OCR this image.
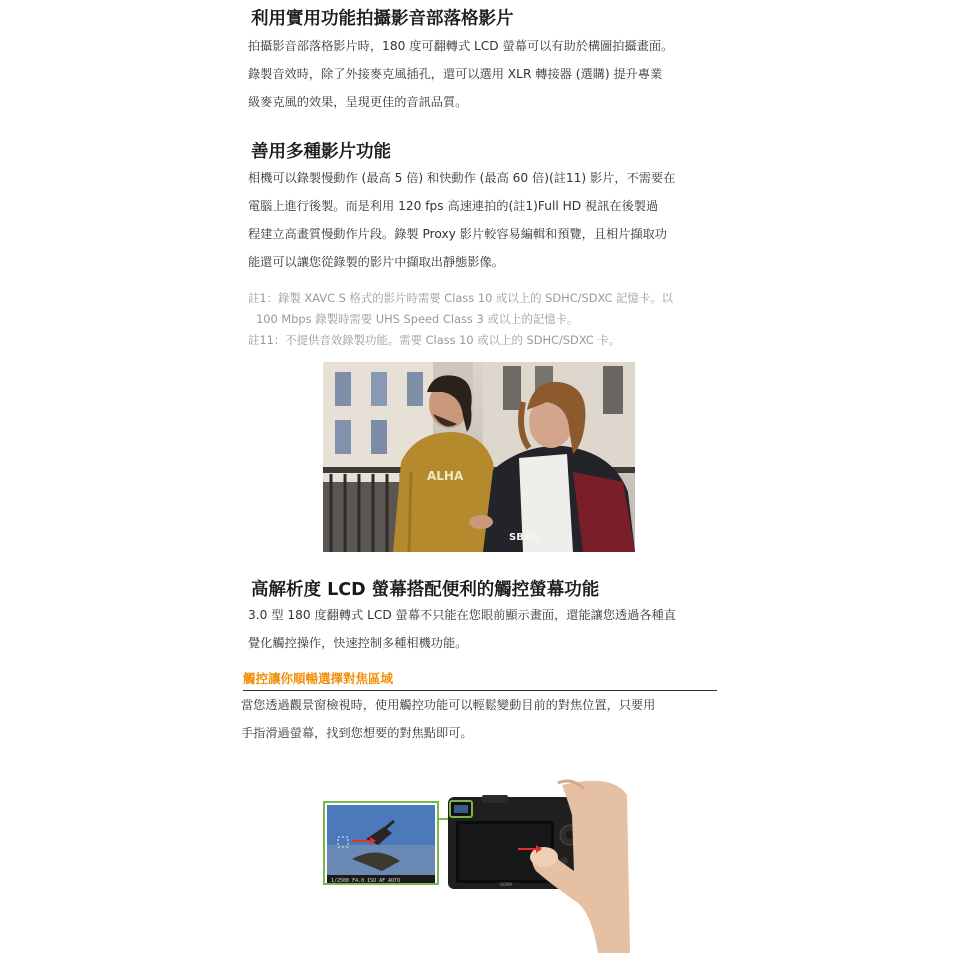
利用實用功能拍攝影音部落格影片
拍攝影音部落格影片時，180 度可翻轉式 LCD 螢幕可以有助於構圖拍攝畫面。
錄製音效時，除了外接麥克風插孔，還可以選用 XLR 轉接器 (選購) 提升專業
級麥克風的效果，呈現更佳的音訊品質。
善用多種影片功能
相機可以錄製慢動作 (最高 5 倍) 和快動作 (最高 60 倍)(註11) 影片，不需要在
電腦上進行後製。而是利用 120 fps 高速連拍的(註1)Full HD 視訊在後製過
程建立高畫質慢動作片段。錄製 Proxy 影片較容易編輯和預覽，且相片擷取功
能還可以讓您從錄製的影片中擷取出靜態影像。
註1：錄製 XAVC S 格式的影片時需要 Class 10 或以上的 SDHC/SDXC 記憶卡。以
100 Mbps 錄製時需要 UHS Speed Class 3 或以上的記憶卡。
註11：不提供音效錄製功能。需要 Class 10 或以上的 SDHC/SDXC 卡。
ALHA
SBAS
高解析度 LCD 螢幕搭配便利的觸控螢幕功能
3.0 型 180 度翻轉式 LCD 螢幕不只能在您眼前顯示畫面，還能讓您透過各種直
覺化觸控操作，快速控制多種相機功能。
觸控讓你順暢選擇對焦區域
當您透過觀景窗檢視時，使用觸控功能可以輕鬆變動目前的對焦位置，只要用
手指滑過螢幕，找到您想要的對焦點即可。
1/2500 F4.0 ISO AF AUTO
SONY
